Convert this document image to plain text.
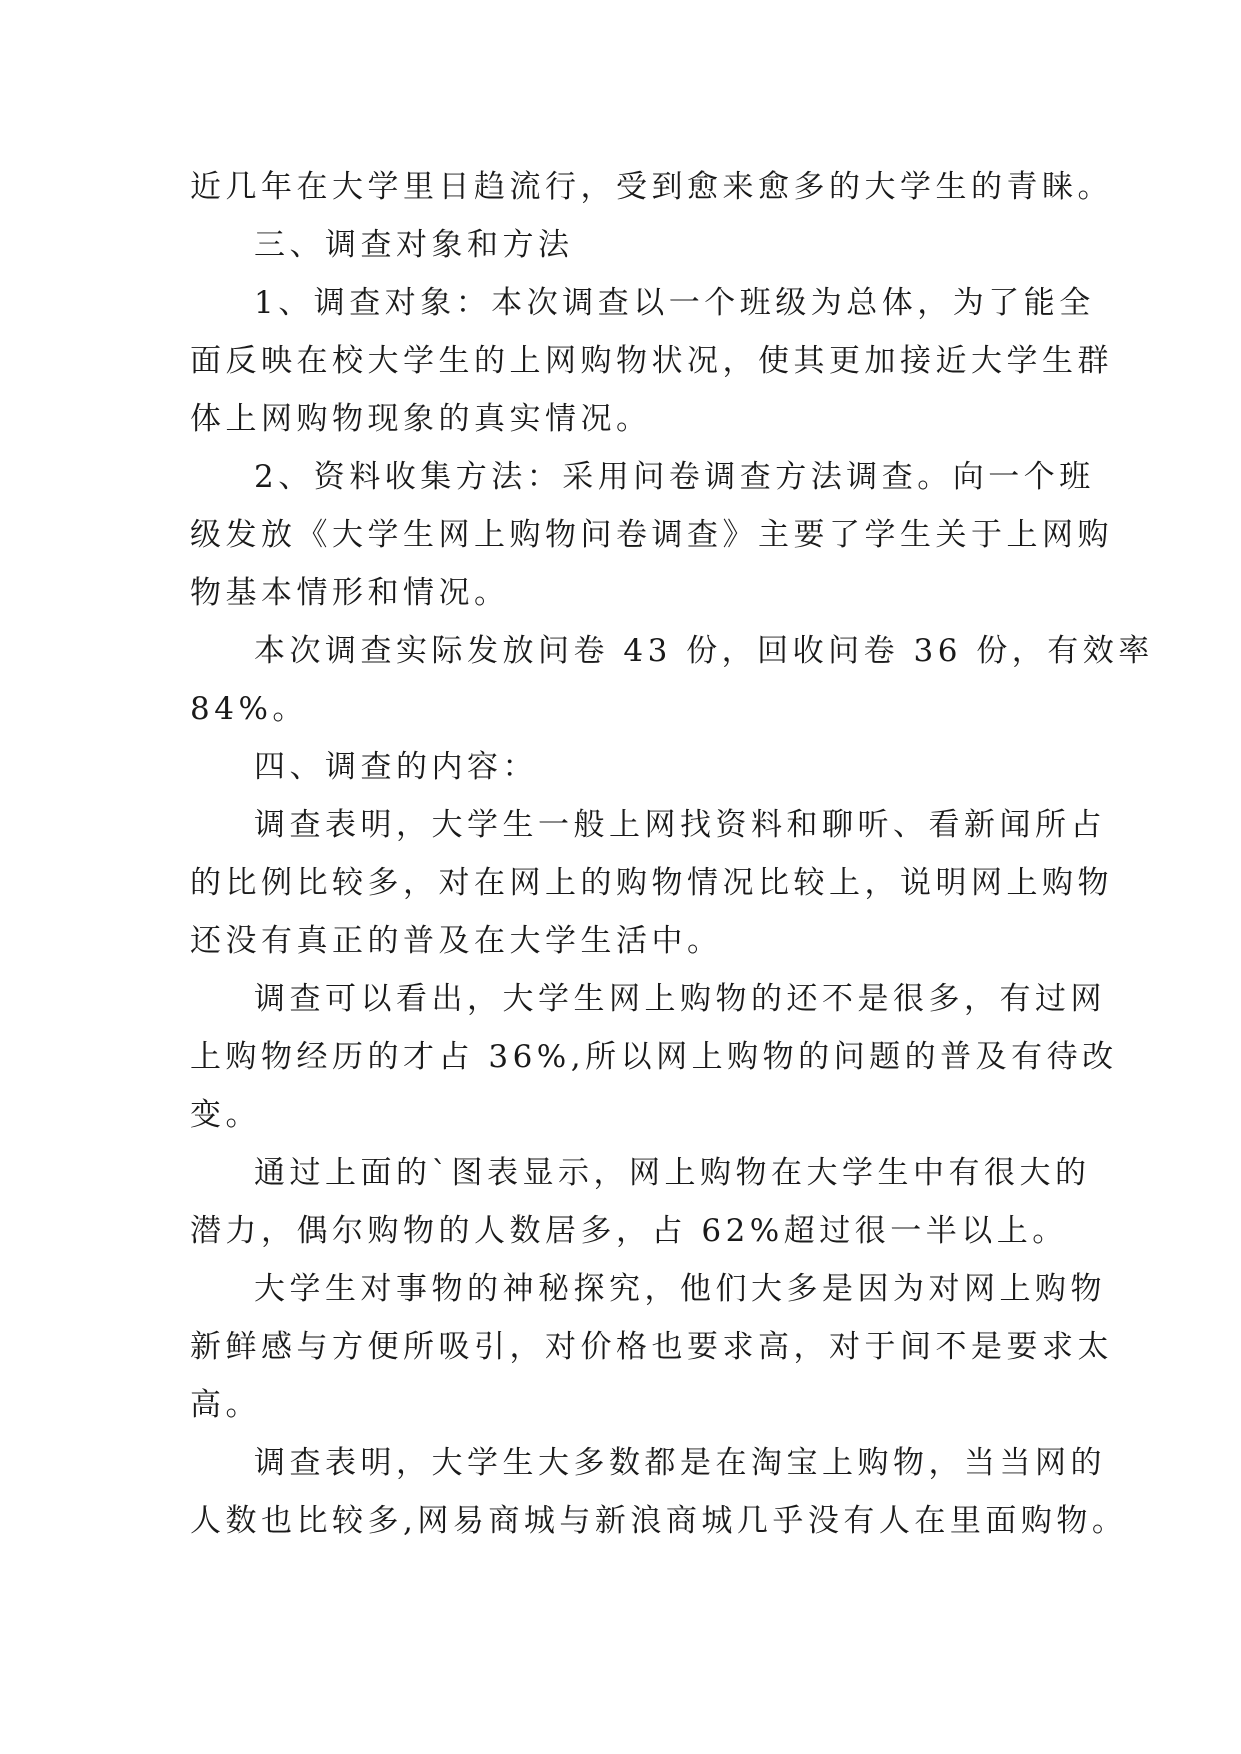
近几年在大学里日趋流行，受到愈来愈多的大学生的青睐。
三、调查对象和方法
1、调查对象：本次调查以一个班级为总体，为了能全
面反映在校大学生的上网购物状况，使其更加接近大学生群
体上网购物现象的真实情况。
2、资料收集方法：采用问卷调查方法调查。向一个班
级发放《大学生网上购物问卷调查》主要了学生关于上网购
物基本情形和情况。
本次调查实际发放问卷 43 份，回收问卷 36 份，有效率
84%。
四、调查的内容：
调查表明，大学生一般上网找资料和聊听、看新闻所占
的比例比较多，对在网上的购物情况比较上，说明网上购物
还没有真正的普及在大学生活中。
调查可以看出，大学生网上购物的还不是很多，有过网
上购物经历的才占 36%,所以网上购物的问题的普及有待改
变。
通过上面的`图表显示，网上购物在大学生中有很大的
潜力，偶尔购物的人数居多，占 62%超过很一半以上。
大学生对事物的神秘探究，他们大多是因为对网上购物
新鲜感与方便所吸引，对价格也要求高，对于间不是要求太
高。
调查表明，大学生大多数都是在淘宝上购物，当当网的
人数也比较多,网易商城与新浪商城几乎没有人在里面购物。
